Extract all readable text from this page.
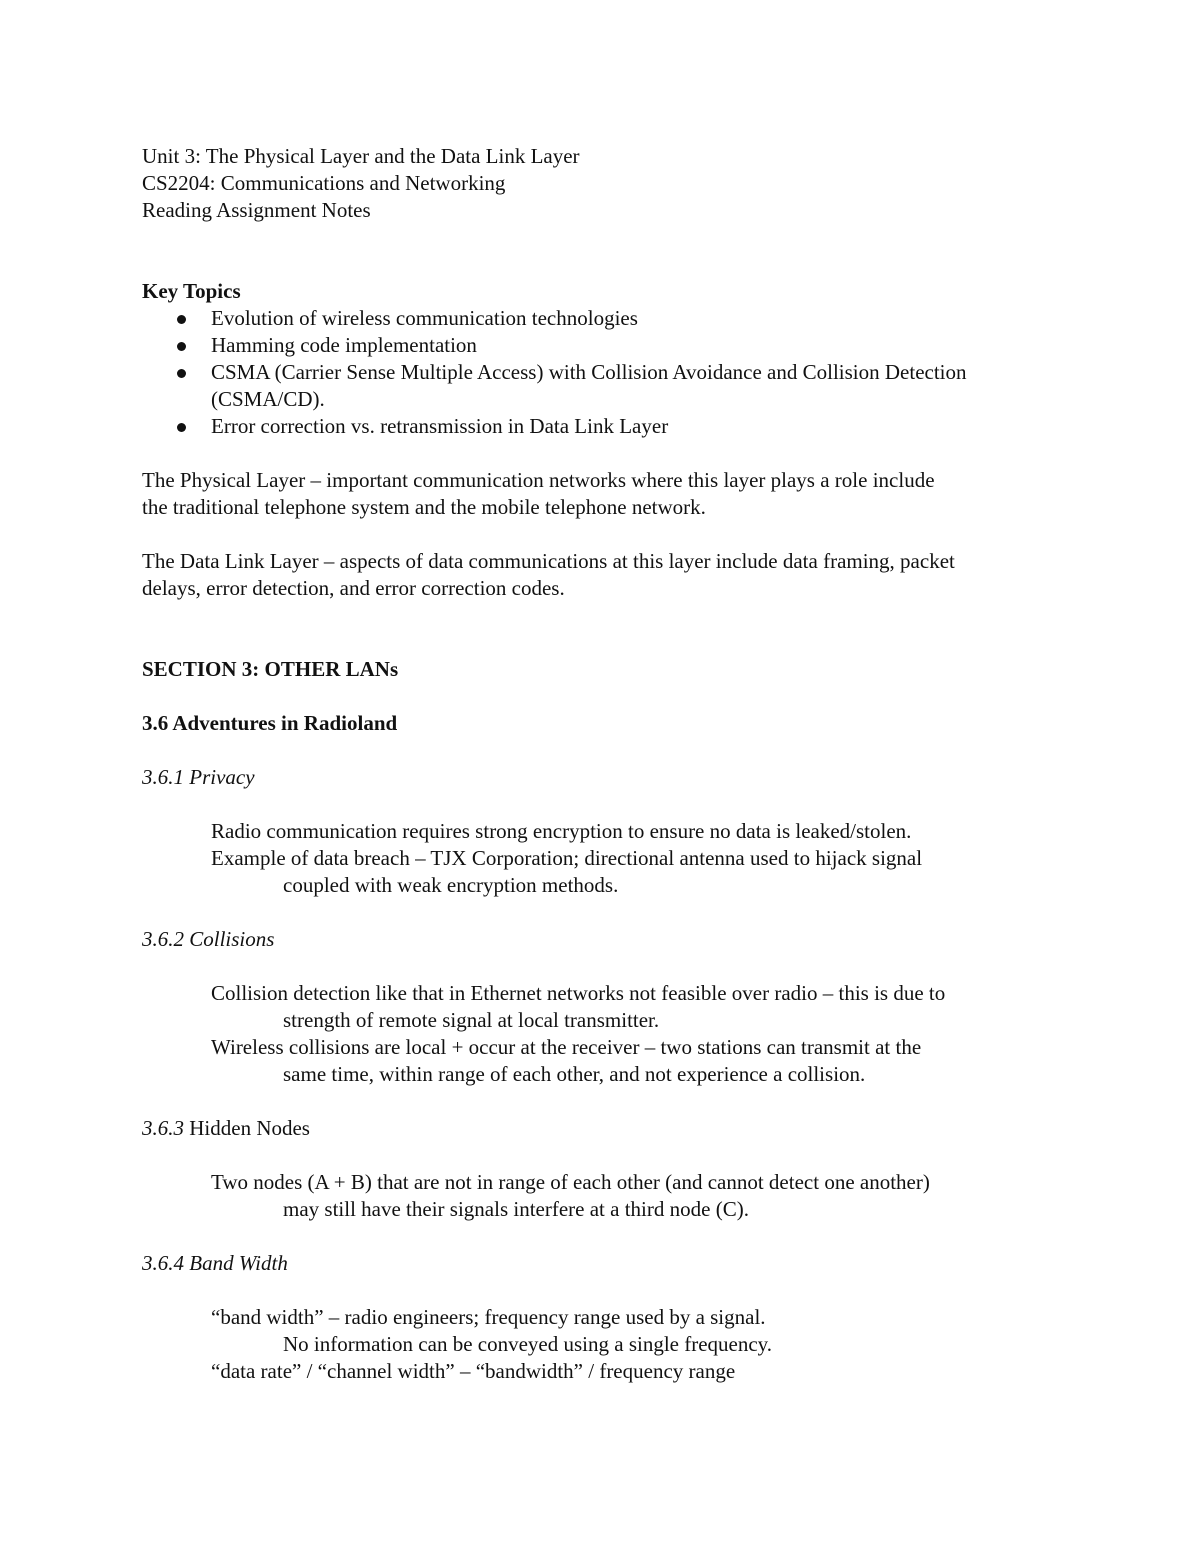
Unit 3: The Physical Layer and the Data Link Layer

CS2204: Communications and Networking

Reading Assignment Notes

Key Topics

Evolution of wireless communication technologies
Hamming code implementation
CSMA (Carrier Sense Multiple Access) with Collision Avoidance and Collision Detection
(CSMA/CD).
Error correction vs. retransmission in Data Link Layer

The Physical Layer – important communication networks where this layer plays a role include

the traditional telephone system and the mobile telephone network.

The Data Link Layer – aspects of data communications at this layer include data framing, packet

delays, error detection, and error correction codes.

SECTION 3: OTHER LANs

3.6 Adventures in Radioland

3.6.1 Privacy

Radio communication requires strong encryption to ensure no data is leaked/stolen.

Example of data breach – TJX Corporation; directional antenna used to hijack signal

coupled with weak encryption methods.

3.6.2 Collisions

Collision detection like that in Ethernet networks not feasible over radio – this is due to

strength of remote signal at local transmitter.

Wireless collisions are local + occur at the receiver – two stations can transmit at the

same time, within range of each other, and not experience a collision.

3.6.3 Hidden Nodes

Two nodes (A + B) that are not in range of each other (and cannot detect one another)

may still have their signals interfere at a third node (C).

3.6.4 Band Width

“band width” – radio engineers; frequency range used by a signal.

No information can be conveyed using a single frequency.

“data rate” / “channel width” – “bandwidth” / frequency range
